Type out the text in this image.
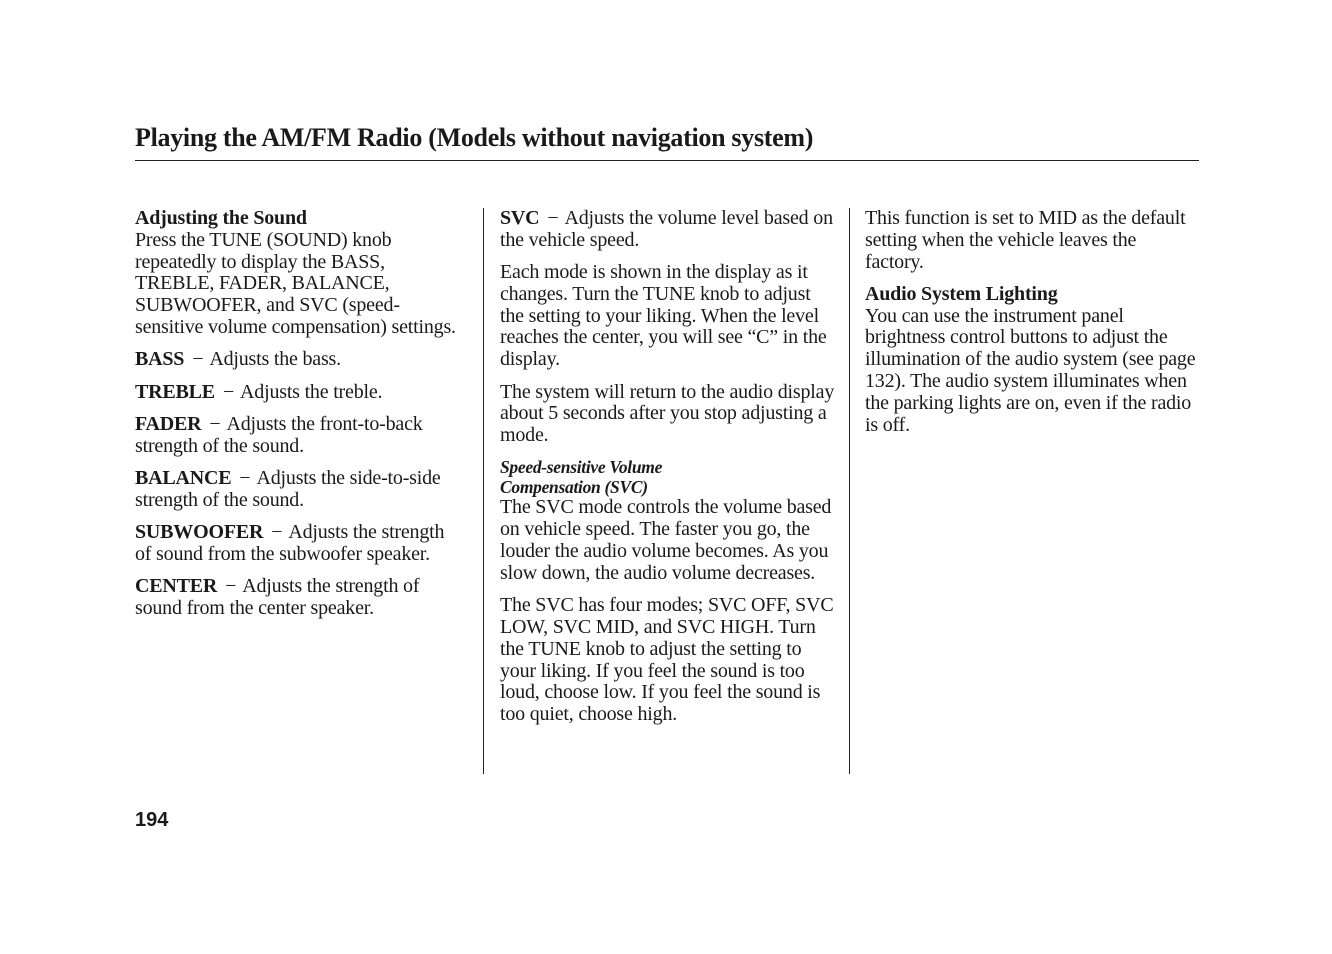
Playing the AM/FM Radio (Models without navigation system)

Adjusting the Sound
Press the TUNE (SOUND) knob repeatedly to display the BASS, TREBLE, FADER, BALANCE, SUBWOOFER, and SVC (speed-sensitive volume compensation) settings.

BASS − Adjusts the bass.

TREBLE − Adjusts the treble.

FADER − Adjusts the front-to-back strength of the sound.

BALANCE − Adjusts the side-to-side strength of the sound.

SUBWOOFER − Adjusts the strength of sound from the subwoofer speaker.

CENTER − Adjusts the strength of sound from the center speaker.

SVC − Adjusts the volume level based on the vehicle speed.

Each mode is shown in the display as it changes. Turn the TUNE knob to adjust the setting to your liking. When the level reaches the center, you will see “C” in the display.

The system will return to the audio display about 5 seconds after you stop adjusting a mode.

Speed-sensitive Volume
Compensation (SVC)
The SVC mode controls the volume based on vehicle speed. The faster you go, the louder the audio volume becomes. As you slow down, the audio volume decreases.

The SVC has four modes; SVC OFF, SVC LOW, SVC MID, and SVC HIGH. Turn the TUNE knob to adjust the setting to your liking. If you feel the sound is too loud, choose low. If you feel the sound is too quiet, choose high.

This function is set to MID as the default setting when the vehicle leaves the factory.

Audio System Lighting
You can use the instrument panel brightness control buttons to adjust the illumination of the audio system (see page 132). The audio system illuminates when the parking lights are on, even if the radio is off.

194
